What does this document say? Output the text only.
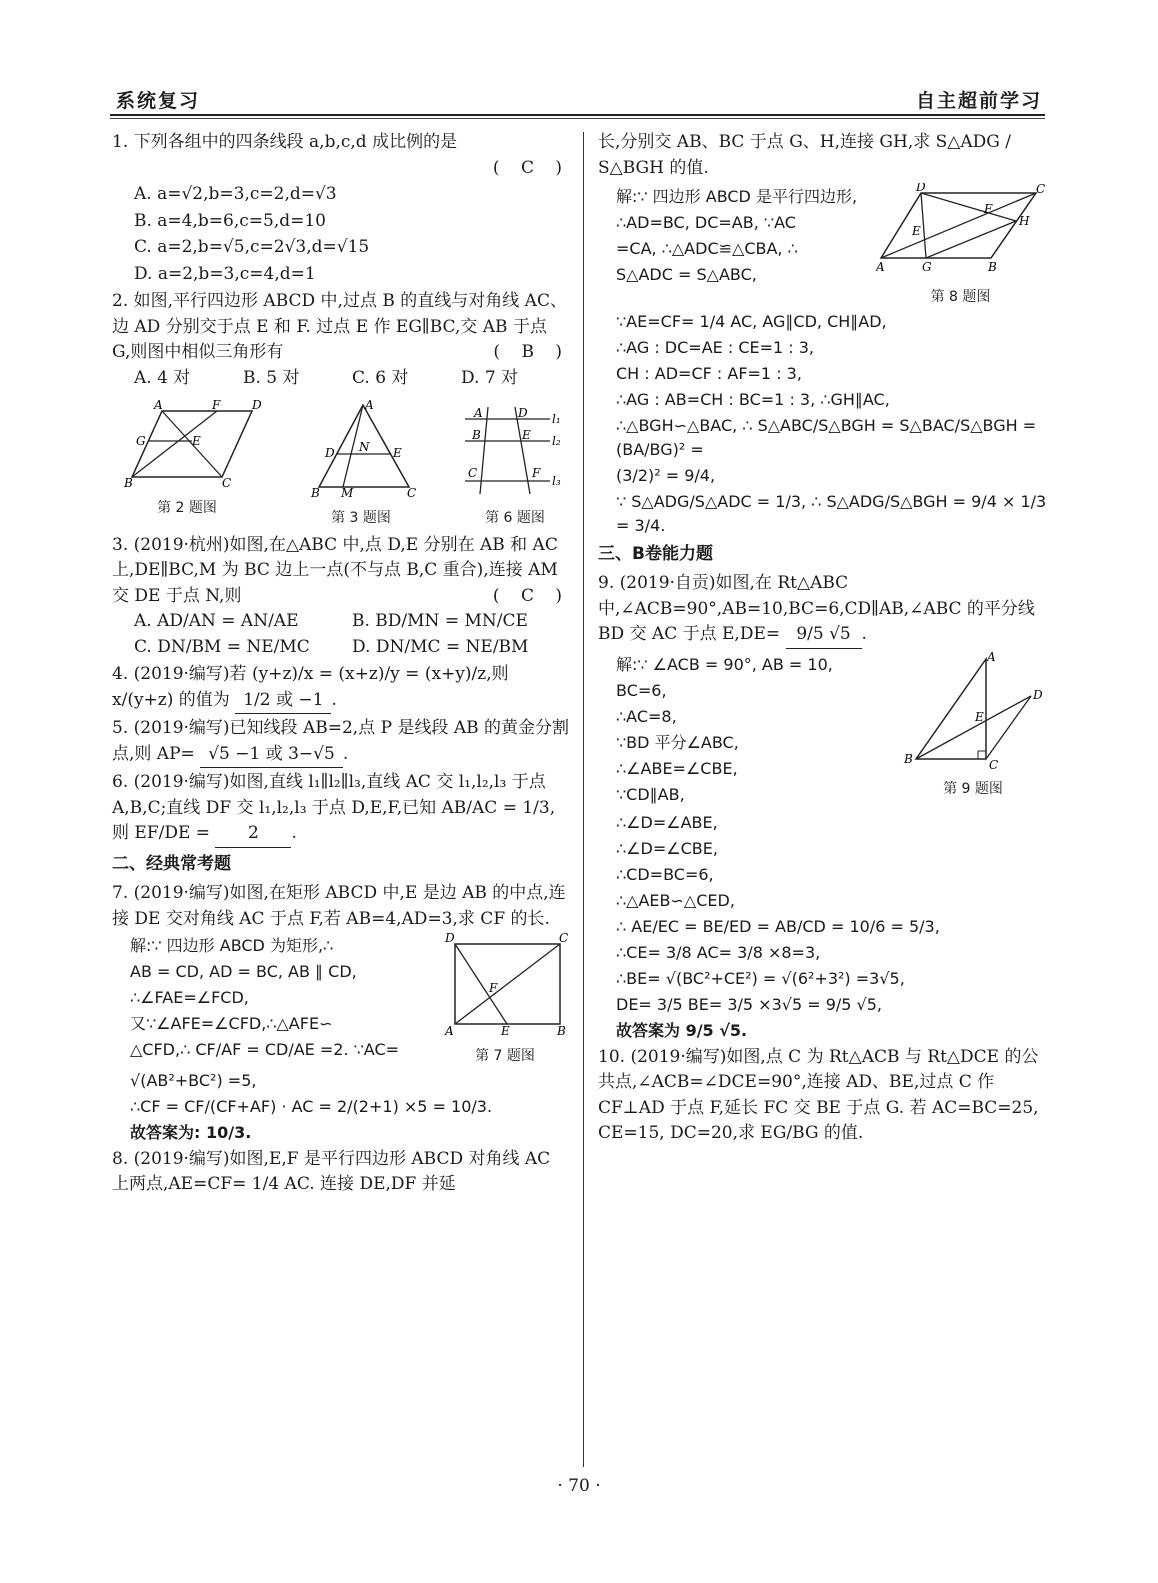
系统复习	自主超前学习
1. 下列各组中的四条线段 a,b,c,d 成比例的是
( C )
A. a=√2,b=3,c=2,d=√3
B. a=4,b=6,c=5,d=10
C. a=2,b=√5,c=2√3,d=√15
D. a=2,b=3,c=4,d=1
2. 如图,平行四边形 ABCD 中,过点 B 的直线与对角线 AC、边 AD 分别交于点 E 和 F. 过点 E 作 EG∥BC,交 AB 于点 G,则图中相似三角形有	( B )
A. 4 对	B. 5 对	C. 6 对	D. 7 对
A	F	D
G	E
B	C
第 2 题图
A
D N E
B M	C
第 3 题图
A	D l₁
B	E l₂
C	F
l₃
第 6 题图
3. (2019·杭州)如图,在△ABC 中,点 D,E 分别在 AB 和 AC 上,DE∥BC,M 为 BC 边上一点(不与点 B,C 重合),连接 AM 交 DE 于点 N,则	( C )
A. AD/AN = AN/AE	B. BD/MN = MN/CE
C. DN/BM = NE/MC	D. DN/MC = NE/BM
4. (2019·编写)若 (y+z)/x = (x+z)/y = (x+y)/z,则 x/(y+z) 的值为 1/2 或 −1 .
5. (2019·编写)已知线段 AB=2,点 P 是线段 AB 的黄金分割点,则 AP= √5 −1 或 3−√5 .
6. (2019·编写)如图,直线 l₁∥l₂∥l₃,直线 AC 交 l₁,l₂,l₃ 于点 A,B,C;直线 DF 交 l₁,l₂,l₃ 于点 D,E,F,已知 AB/AC = 1/3,则 EF/DE = 2 .
二、经典常考题
7. (2019·编写)如图,在矩形 ABCD 中,E 是边 AB 的中点,连接 DE 交对角线 AC 于点 F,若 AB=4,AD=3,求 CF 的长.
解:∵ 四边形 ABCD 为矩形,∴
AB = CD, AD = BC, AB ∥ CD,
∴∠FAE=∠FCD,
又∵∠AFE=∠CFD,∴△AFE∽
△CFD,∴ CF/AF = CD/AE =2. ∵AC=
D	C
F
A	E	B
第 7 题图
√(AB²+BC²) =5,
∴CF = CF/(CF+AF) · AC = 2/(2+1) ×5 = 10/3.
故答案为: 10/3.
8. (2019·编写)如图,E,F 是平行四边形 ABCD 对角线 AC 上两点,AE=CF= 1/4 AC. 连接 DE,DF 并延
长,分别交 AB、BC 于点 G、H,连接 GH,求 S△ADG / S△BGH 的值.
解:∵ 四边形 ABCD 是平行四边形,
∴AD=BC, DC=AB, ∵AC
=CA, ∴△ADC≌△CBA, ∴
S△ADC = S△ABC,
D	C
F
E
H
A	G	B
第 8 题图
∵AE=CF= 1/4 AC, AG∥CD, CH∥AD,
∴AG : DC=AE : CE=1 : 3,
CH : AD=CF : AF=1 : 3,
∴AG : AB=CH : BC=1 : 3, ∴GH∥AC,
∴△BGH∽△BAC, ∴ S△ABC/S△BGH = S△BAC/S△BGH = (BA/BG)² =
(3/2)² = 9/4,
∵ S△ADG/S△ADC = 1/3, ∴ S△ADG/S△BGH = 9/4 × 1/3 = 3/4.
三、B卷能力题
9. (2019·自贡)如图,在 Rt△ABC 中,∠ACB=90°,AB=10,BC=6,CD∥AB,∠ABC 的平分线 BD 交 AC 于点 E,DE= 9/5 √5 .
解:∵ ∠ACB = 90°, AB = 10,
BC=6,
∴AC=8,
∵BD 平分∠ABC,
∴∠ABE=∠CBE,
∵CD∥AB,
A
D
E
B	C
第 9 题图
∴∠D=∠ABE,
∴∠D=∠CBE,
∴CD=BC=6,
∴△AEB∽△CED,
∴ AE/EC = BE/ED = AB/CD = 10/6 = 5/3,
∴CE= 3/8 AC= 3/8 ×8=3,
∴BE= √(BC²+CE²) = √(6²+3²) =3√5,
DE= 3/5 BE= 3/5 ×3√5 = 9/5 √5,
故答案为 9/5 √5.
10. (2019·编写)如图,点 C 为 Rt△ACB 与 Rt△DCE 的公共点,∠ACB=∠DCE=90°,连接 AD、BE,过点 C 作 CF⊥AD 于点 F,延长 FC 交 BE 于点 G. 若 AC=BC=25, CE=15, DC=20,求 EG/BG 的值.
· 70 ·
